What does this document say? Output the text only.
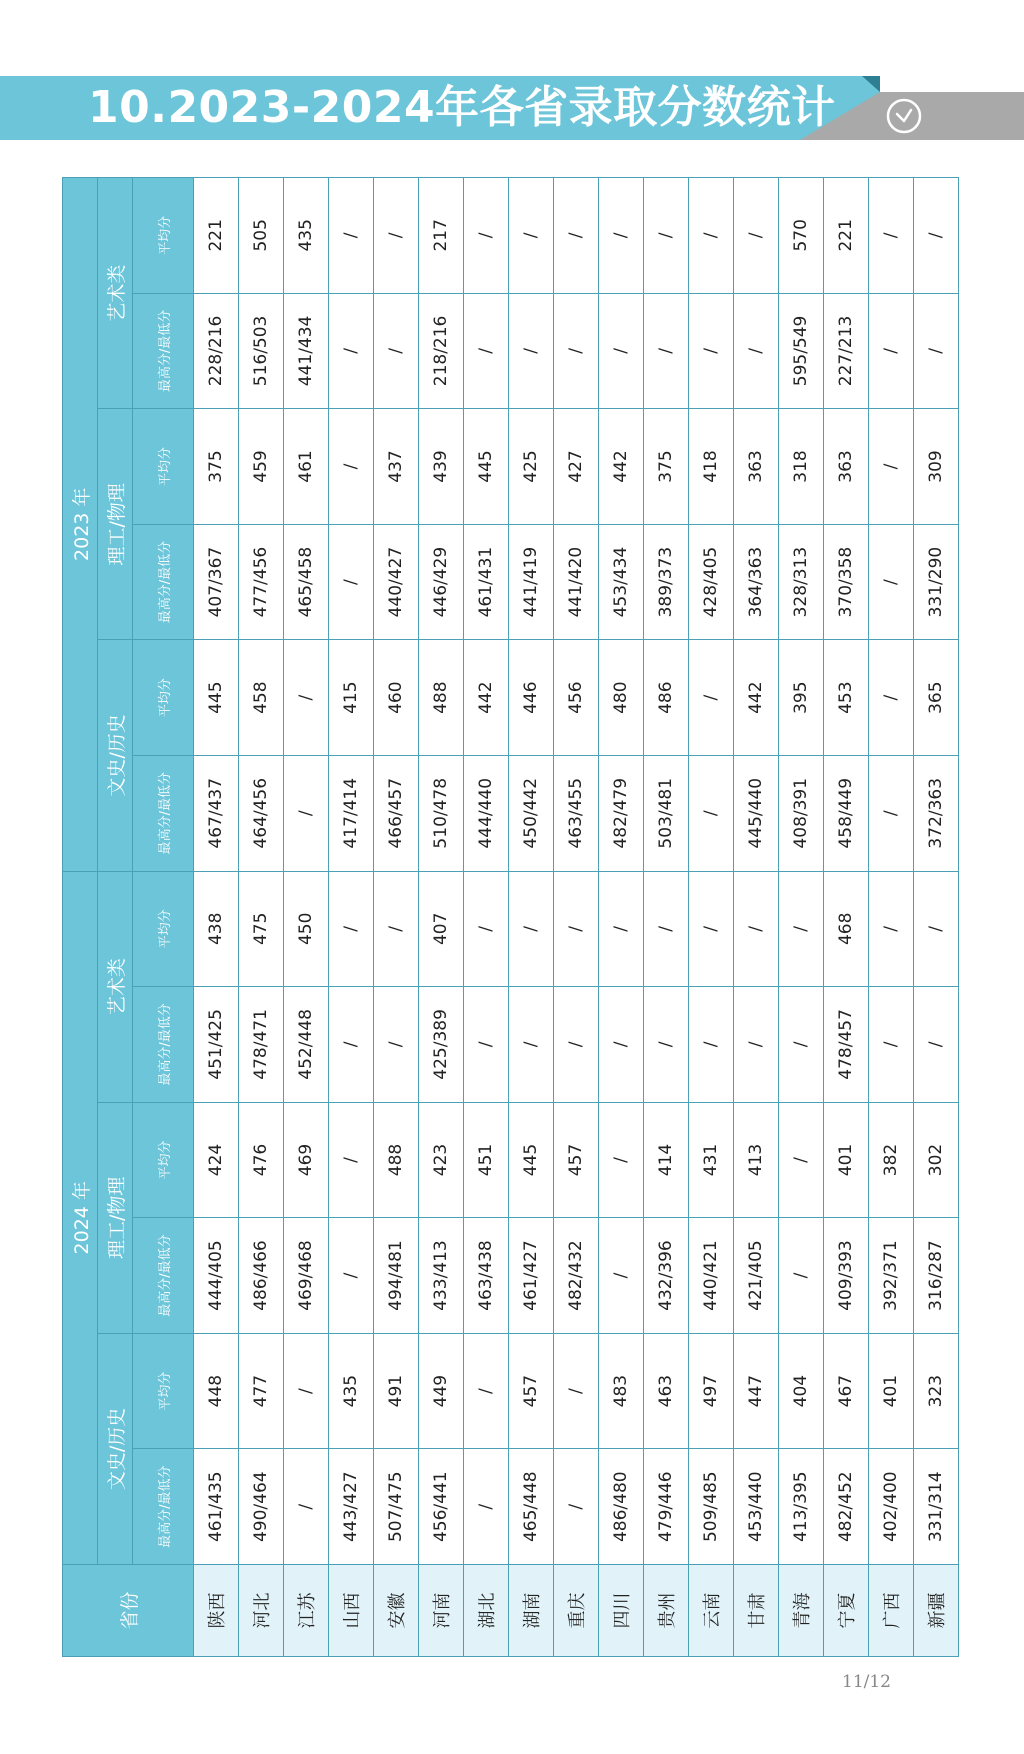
10.2023-2024年各省录取分数统计
省份	2024 年						2023 年					
	文史/历史		理工/物理		艺术类		文史/历史		理工/物理		艺术类	
	最高分/最低分	平均分	最高分/最低分	平均分	最高分/最低分	平均分	最高分/最低分	平均分	最高分/最低分	平均分	最高分/最低分	平均分
陕西	461/435	448	444/405	424	451/425	438	467/437	445	407/367	375	228/216	221
河北	490/464	477	486/466	476	478/471	475	464/456	458	477/456	459	516/503	505
江苏	/	/	469/468	469	452/448	450	/	/	465/458	461	441/434	435
山西	443/427	435	/	/	/	/	417/414	415	/	/	/	/
安徽	507/475	491	494/481	488	/	/	466/457	460	440/427	437	/	/
河南	456/441	449	433/413	423	425/389	407	510/478	488	446/429	439	218/216	217
湖北	/	/	463/438	451	/	/	444/440	442	461/431	445	/	/
湖南	465/448	457	461/427	445	/	/	450/442	446	441/419	425	/	/
重庆	/	/	482/432	457	/	/	463/455	456	441/420	427	/	/
四川	486/480	483	/	/	/	/	482/479	480	453/434	442	/	/
贵州	479/446	463	432/396	414	/	/	503/481	486	389/373	375	/	/
云南	509/485	497	440/421	431	/	/	/	/	428/405	418	/	/
甘肃	453/440	447	421/405	413	/	/	445/440	442	364/363	363	/	/
青海	413/395	404	/	/	/	/	408/391	395	328/313	318	595/549	570
宁夏	482/452	467	409/393	401	478/457	468	458/449	453	370/358	363	227/213	221
广西	402/400	401	392/371	382	/	/	/	/	/	/	/	/
新疆	331/314	323	316/287	302	/	/	372/363	365	331/290	309	/	/
11/12
